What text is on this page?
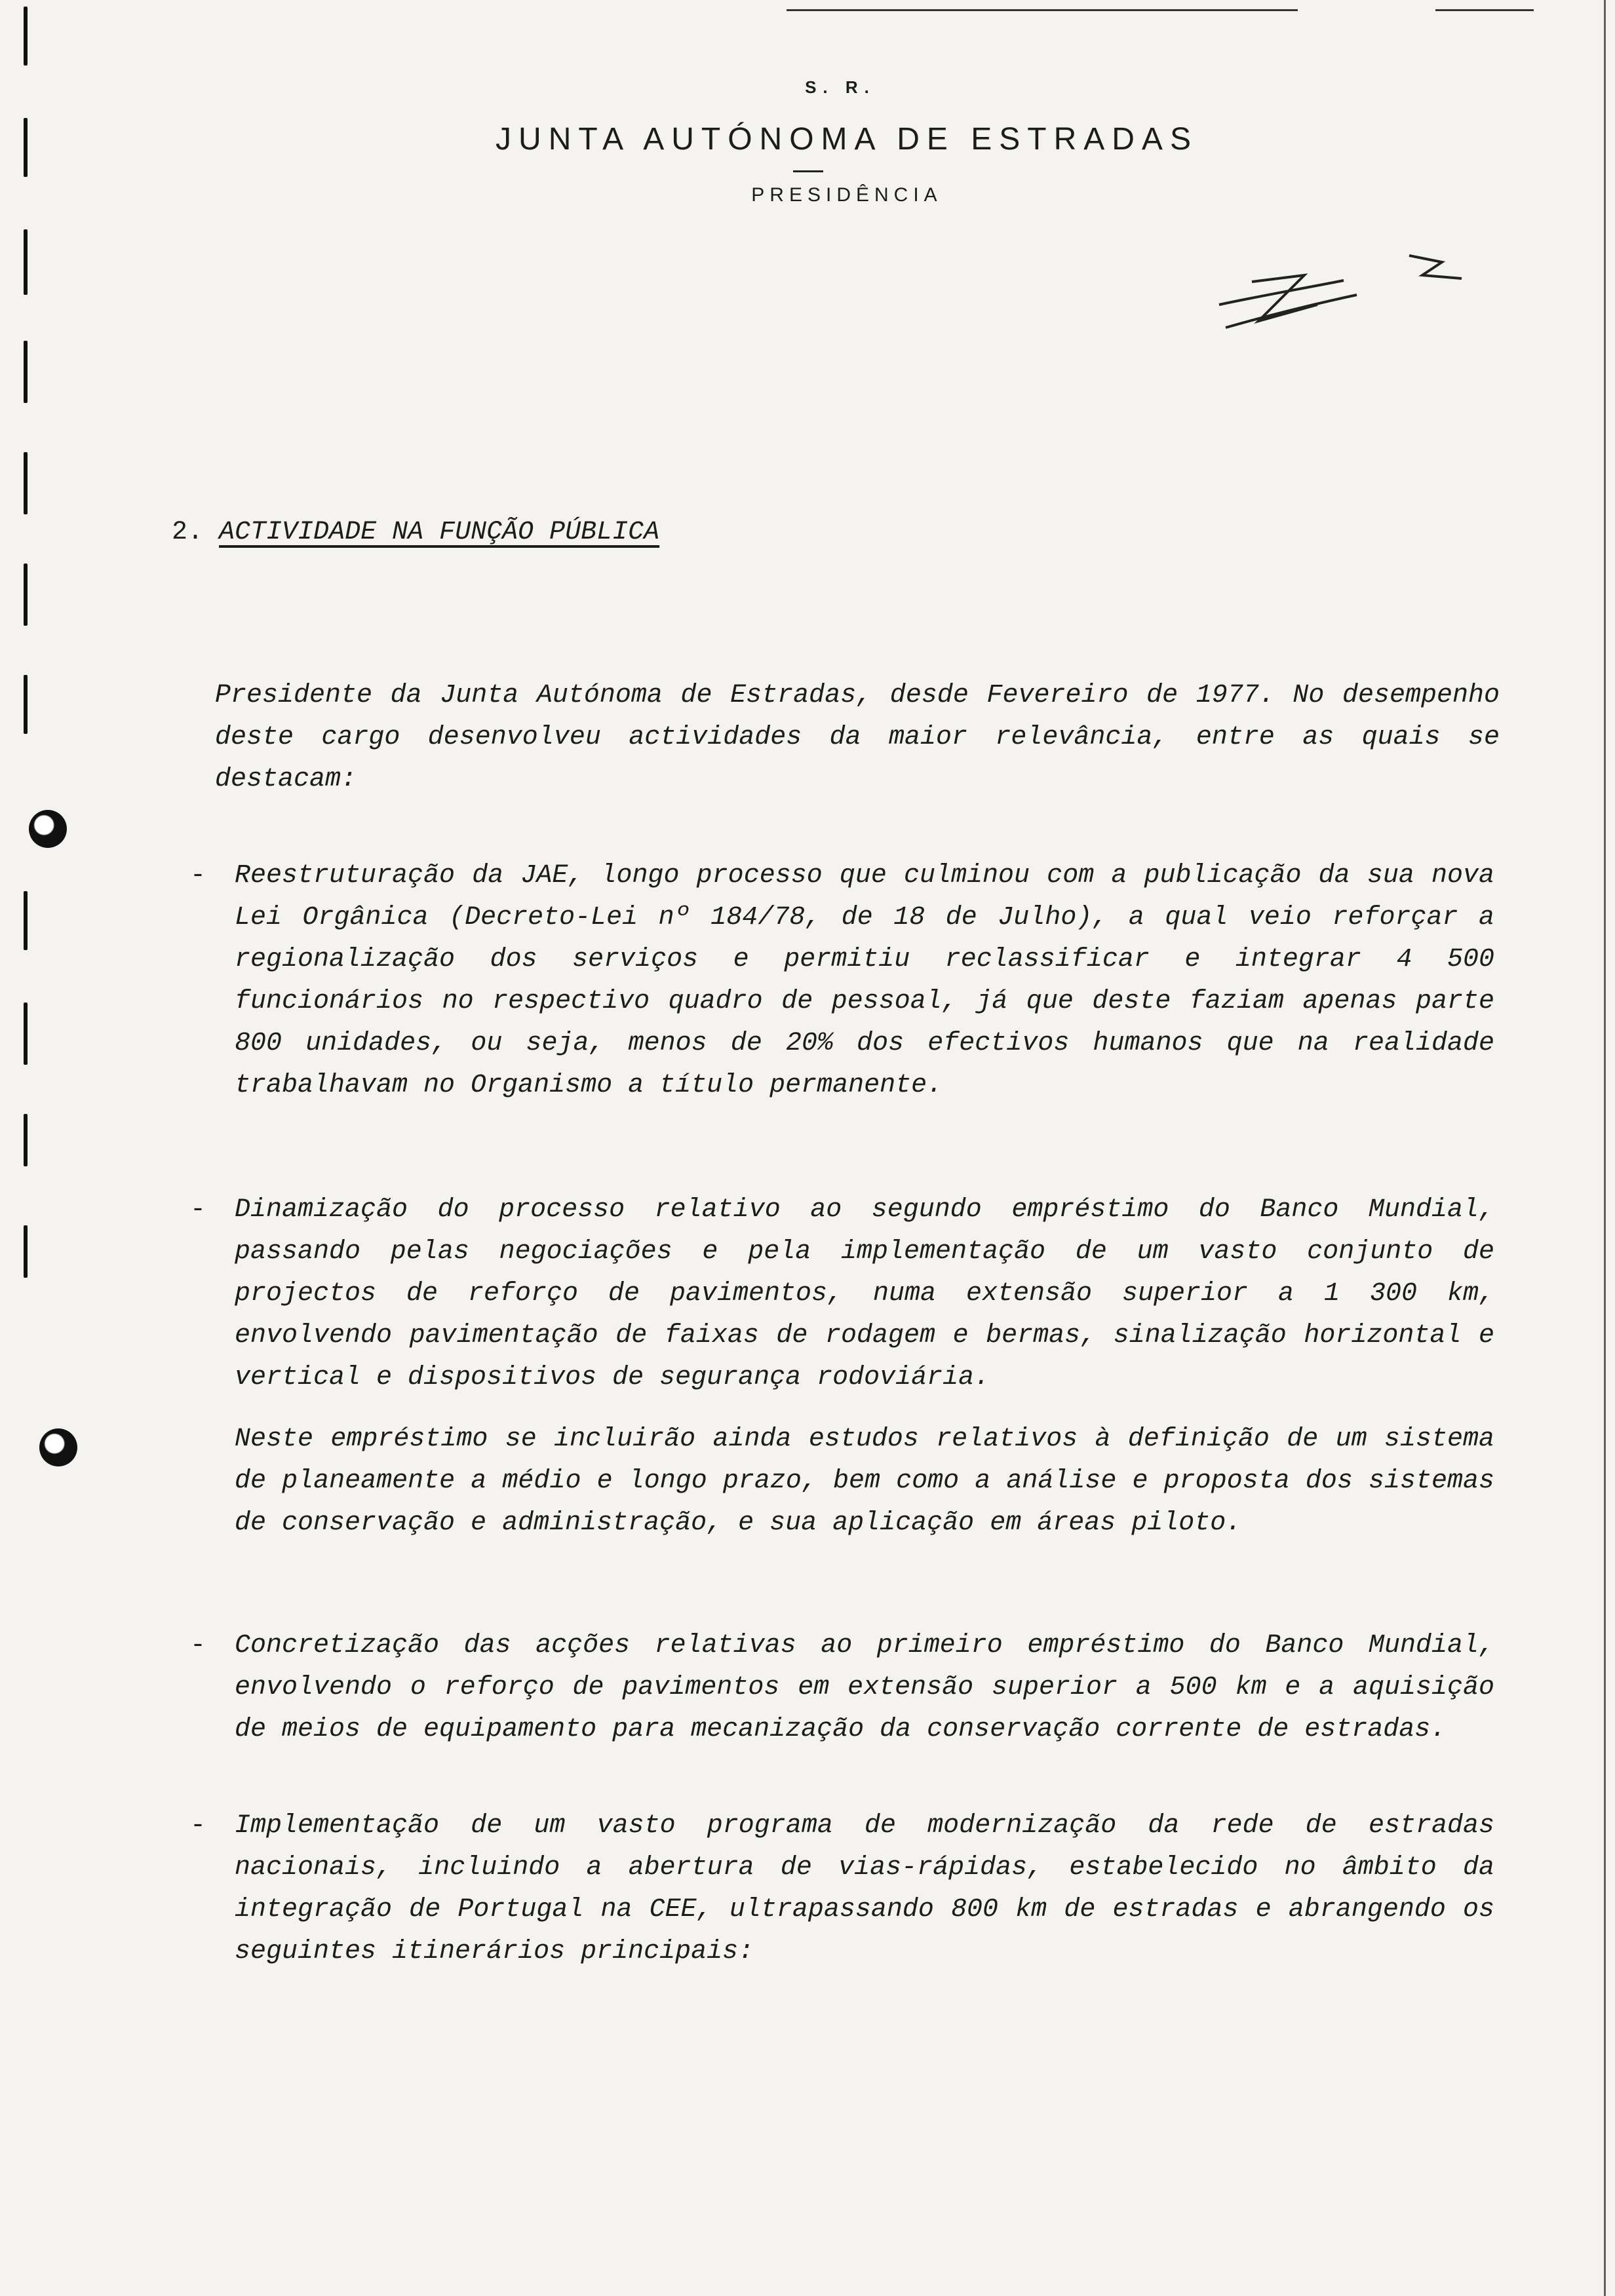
S. R.
JUNTA AUTÓNOMA DE ESTRADAS
PRESIDÊNCIA
2. ACTIVIDADE NA FUNÇÃO PÚBLICA
Presidente da Junta Autónoma de Estradas, desde Fevereiro de 1977. No desempenho deste cargo desenvolveu actividades da maior relevância, entre as quais se destacam:
- Reestruturação da JAE, longo processo que culminou com a publicação da sua nova Lei Orgânica (Decreto-Lei nº 184/78, de 18 de Julho), a qual veio reforçar a regionalização dos serviços e permitiu reclassificar e integrar 4 500 funcionários no respectivo quadro de pessoal, já que deste faziam apenas parte 800 unidades, ou seja, menos de 20% dos efectivos humanos que na realidade trabalhavam no Organismo a título permanente.
- Dinamização do processo relativo ao segundo empréstimo do Banco Mundial, passando pelas negociações e pela implementação de um vasto conjunto de projectos de reforço de pavimentos, numa extensão superior a 1 300 km, envolvendo pavimentação de faixas de rodagem e bermas, sinalização horizontal e vertical e dispositivos de segurança rodoviária.
Neste empréstimo se incluirão ainda estudos relativos à definição de um sistema de planeamente a médio e longo prazo, bem como a análise e proposta dos sistemas de conservação e administração, e sua aplicação em áreas piloto.
- Concretização das acções relativas ao primeiro empréstimo do Banco Mundial, envolvendo o reforço de pavimentos em extensão superior a 500 km e a aquisição de meios de equipamento para mecanização da conservação corrente de estradas.
- Implementação de um vasto programa de modernização da rede de estradas nacionais, incluindo a abertura de vias-rápidas, estabelecido no âmbito da integração de Portugal na CEE, ultrapassando 800 km de estradas e abrangendo os seguintes itinerários principais:
